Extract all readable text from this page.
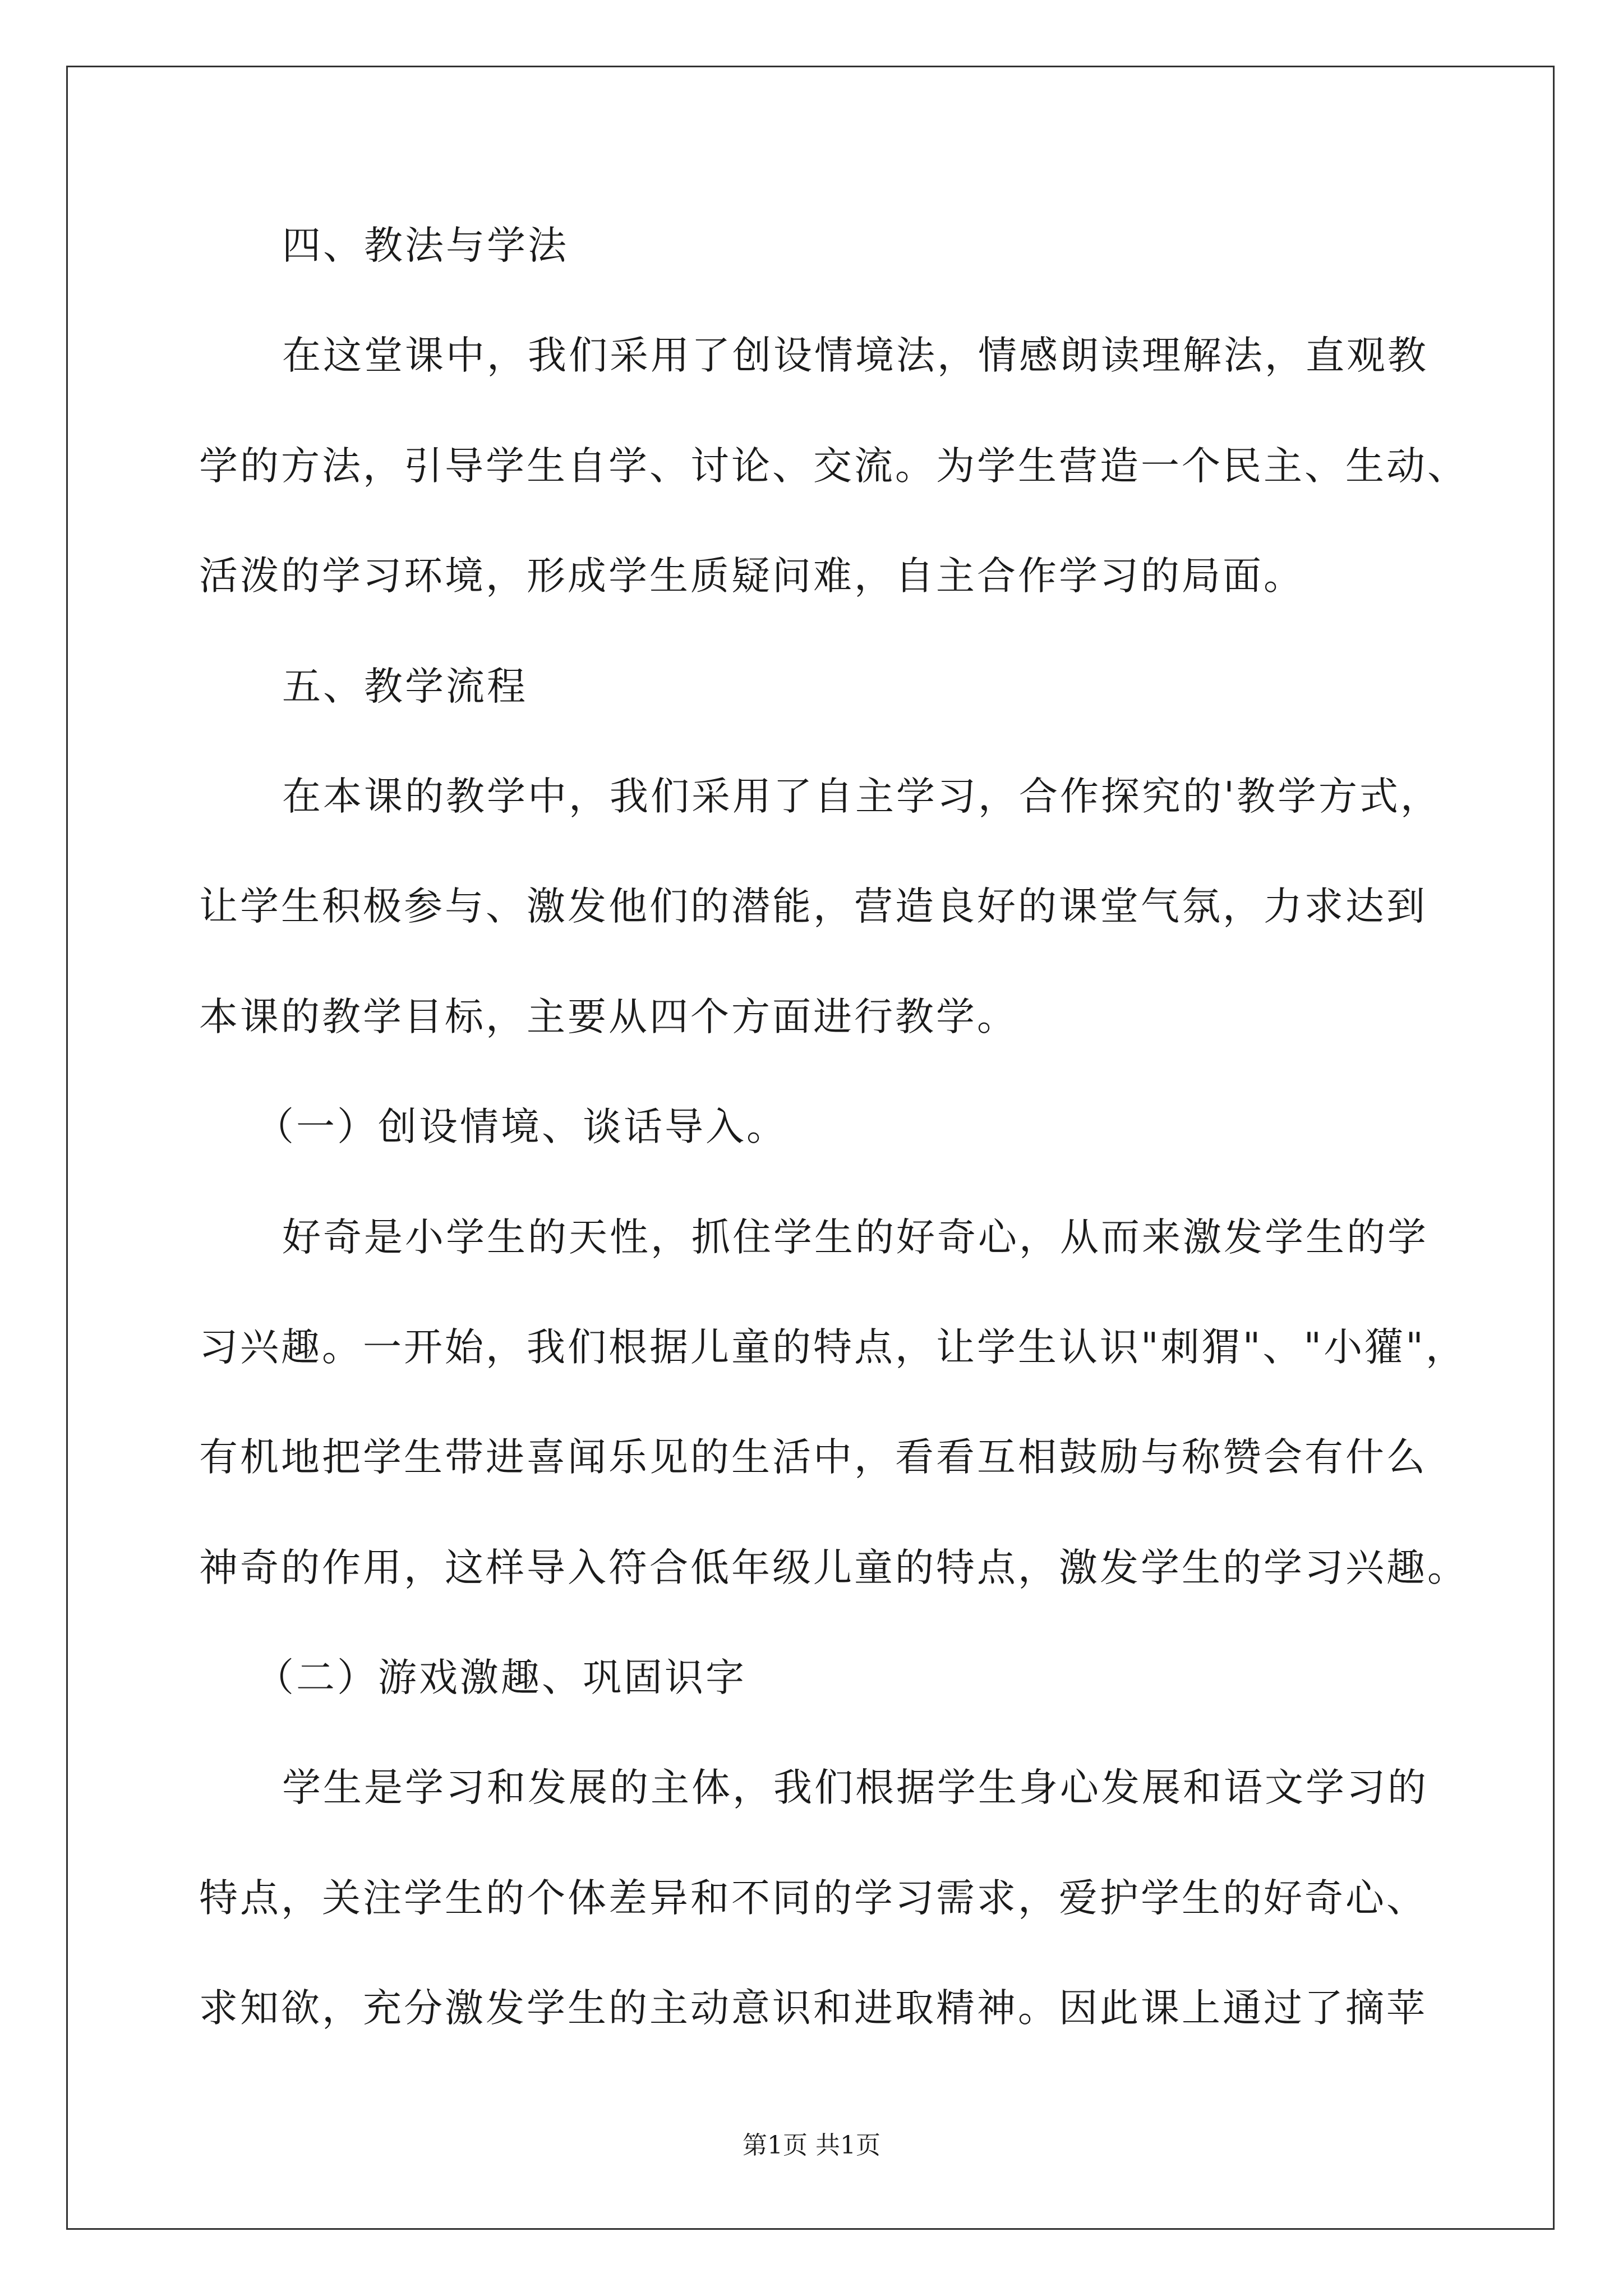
四、教法与学法
在这堂课中，我们采用了创设情境法，情感朗读理解法，直观教
学的方法，引导学生自学、讨论、交流。为学生营造一个民主、生动、
活泼的学习环境，形成学生质疑问难，自主合作学习的局面。
五、教学流程
在本课的教学中，我们采用了自主学习，合作探究的'教学方式，
让学生积极参与、激发他们的潜能，营造良好的课堂气氛，力求达到
本课的教学目标，主要从四个方面进行教学。
（一）创设情境、谈话导入。
好奇是小学生的天性，抓住学生的好奇心，从而来激发学生的学
习兴趣。一开始，我们根据儿童的特点，让学生认识"刺猬"、"小獾"，
有机地把学生带进喜闻乐见的生活中，看看互相鼓励与称赞会有什么
神奇的作用，这样导入符合低年级儿童的特点，激发学生的学习兴趣。
（二）游戏激趣、巩固识字
学生是学习和发展的主体，我们根据学生身心发展和语文学习的
特点，关注学生的个体差异和不同的学习需求，爱护学生的好奇心、
求知欲，充分激发学生的主动意识和进取精神。因此课上通过了摘苹
第1页 共1页
